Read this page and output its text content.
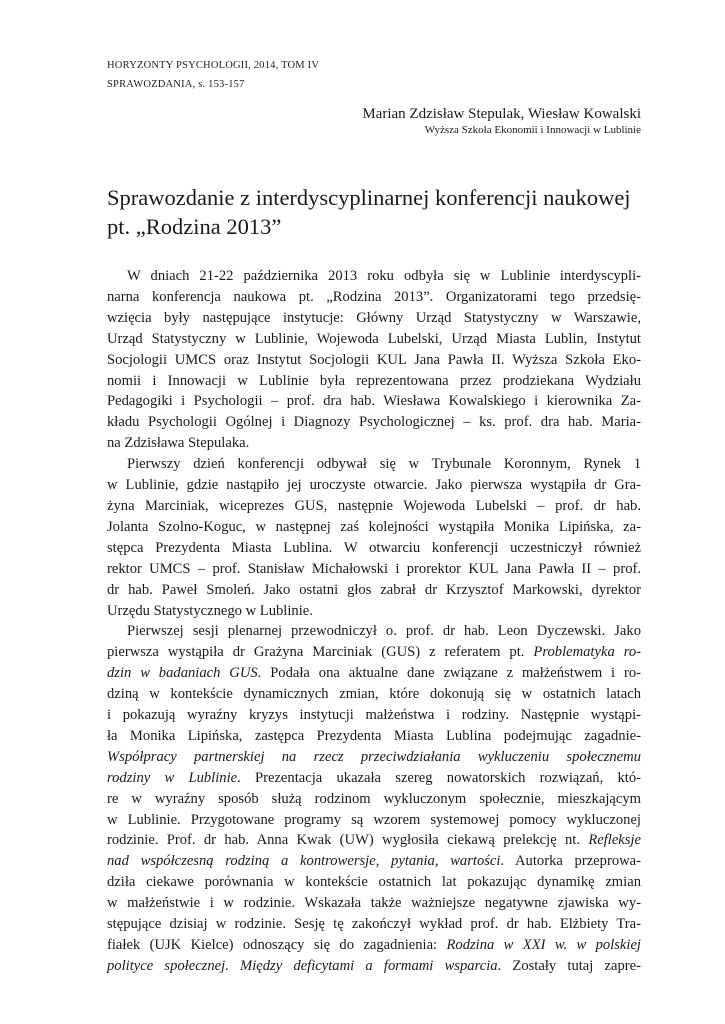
HORYZONTY PSYCHOLOGII, 2014, TOM IV
SPRAWOZDANIA, s. 153-157
Marian Zdzisław Stepulak, Wiesław Kowalski
Wyższa Szkoła Ekonomii i Innowacji w Lublinie
Sprawozdanie z interdyscyplinarnej konferencji naukowej
pt. „Rodzina 2013”
W dniach 21-22 października 2013 roku odbyła się w Lublinie interdyscypli-
narna konferencja naukowa pt. „Rodzina 2013”. Organizatorami tego przedsię-
wzięcia były następujące instytucje: Główny Urząd Statystyczny w Warszawie,
Urząd Statystyczny w Lublinie, Wojewoda Lubelski, Urząd Miasta Lublin, Instytut
Socjologii UMCS oraz Instytut Socjologii KUL Jana Pawła II. Wyższa Szkoła Eko-
nomii i Innowacji w Lublinie była reprezentowana przez prodziekana Wydziału
Pedagogiki i Psychologii – prof. dra hab. Wiesława Kowalskiego i kierownika Za-
kładu Psychologii Ogólnej i Diagnozy Psychologicznej – ks. prof. dra hab. Maria-
na Zdzisława Stepulaka.
Pierwszy dzień konferencji odbywał się w Trybunale Koronnym, Rynek 1
w Lublinie, gdzie nastąpiło jej uroczyste otwarcie. Jako pierwsza wystąpiła dr Gra-
żyna Marciniak, wiceprezes GUS, następnie Wojewoda Lubelski – prof. dr hab.
Jolanta Szolno-Koguc, w następnej zaś kolejności wystąpiła Monika Lipińska, za-
stępca Prezydenta Miasta Lublina. W otwarciu konferencji uczestniczył również
rektor UMCS – prof. Stanisław Michałowski i prorektor KUL Jana Pawła II – prof.
dr hab. Paweł Smoleń. Jako ostatni głos zabrał dr Krzysztof Markowski, dyrektor
Urzędu Statystycznego w Lublinie.
Pierwszej sesji plenarnej przewodniczył o. prof. dr hab. Leon Dyczewski. Jako
pierwsza wystąpiła dr Grażyna Marciniak (GUS) z referatem pt. Problematyka ro-
dzin w badaniach GUS. Podała ona aktualne dane związane z małżeństwem i ro-
dziną w kontekście dynamicznych zmian, które dokonują się w ostatnich latach
i pokazują wyraźny kryzys instytucji małżeństwa i rodziny. Następnie wystąpi-
ła Monika Lipińska, zastępca Prezydenta Miasta Lublina podejmując zagadnie-
Współpracy partnerskiej na rzecz przeciwdziałania wykluczeniu społecznemu
rodziny w Lublinie. Prezentacja ukazała szereg nowatorskich rozwiązań, któ-
re w wyraźny sposób służą rodzinom wykluczonym społecznie, mieszkającym
w Lublinie. Przygotowane programy są wzorem systemowej pomocy wykluczonej
rodzinie. Prof. dr hab. Anna Kwak (UW) wygłosiła ciekawą prelekcję nt. Refleksje
nad współczesną rodziną a kontrowersje, pytania, wartości. Autorka przeprowa-
dziła ciekawe porównania w kontekście ostatnich lat pokazując dynamikę zmian
w małżeństwie i w rodzinie. Wskazała także ważniejsze negatywne zjawiska wy-
stępujące dzisiaj w rodzinie. Sesję tę zakończył wykład prof. dr hab. Elżbiety Tra-
fiałek (UJK Kielce) odnoszący się do zagadnienia: Rodzina w XXI w. w polskiej
polityce społecznej. Między deficytami a formami wsparcia. Zostały tutaj zapre-
